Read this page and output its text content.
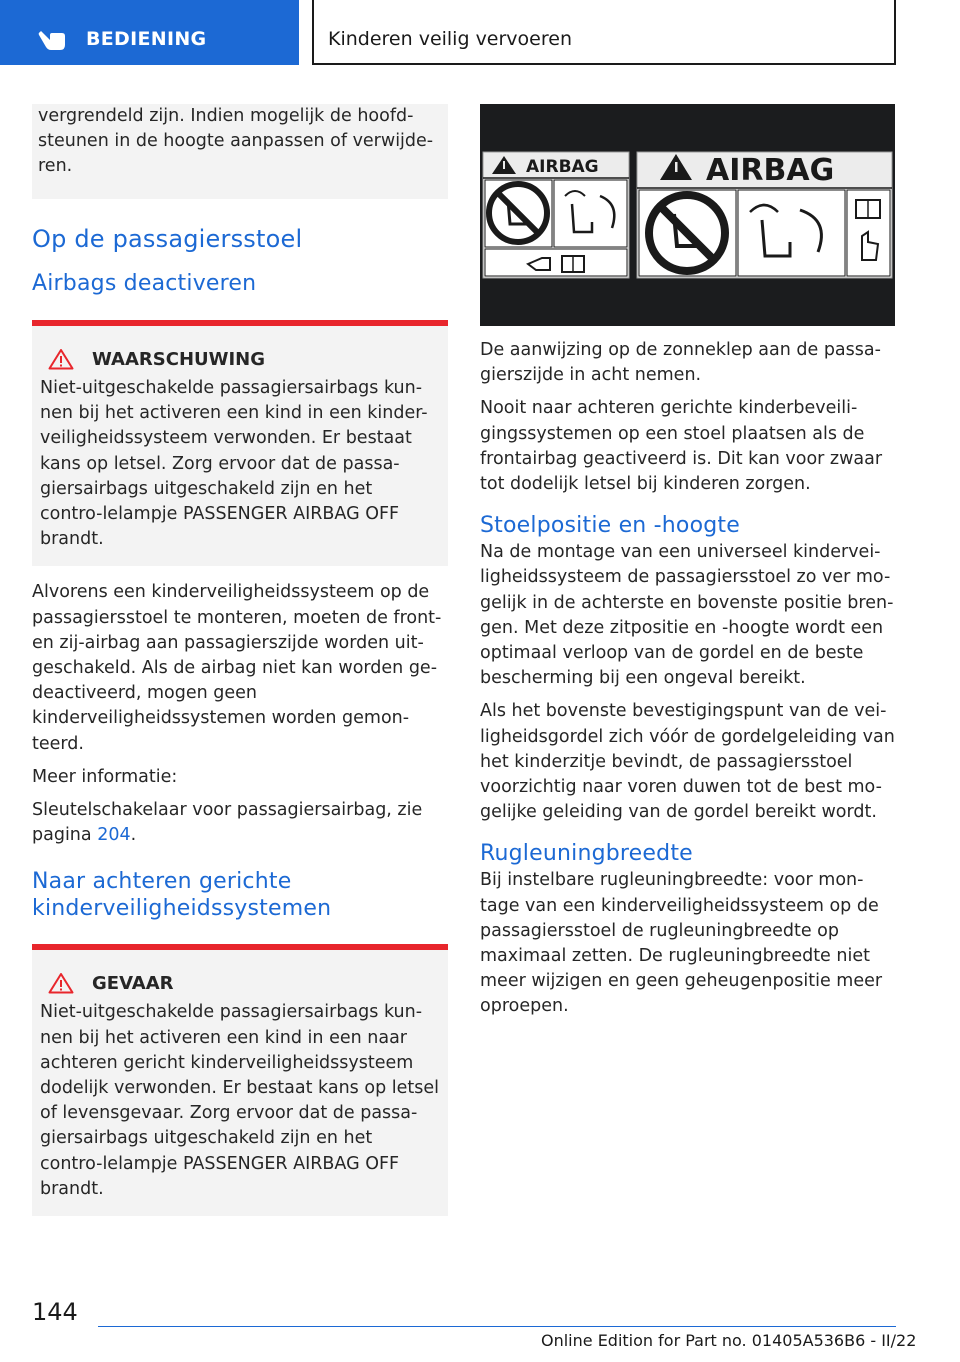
BEDIENING	Kinderen veilig vervoeren

vergrendeld zijn. Indien mogelijk de hoofd-steunen in de hoogte aanpassen of verwijde-ren.

Op de passagiersstoel
Airbags deactiveren
WAARSCHUWING

Niet-uitgeschakelde passagiersairbags kun-nen bij het activeren een kind in een kinder-veiligheidssysteem verwonden. Er bestaat kans op letsel. Zorg ervoor dat de passa-giersairbags uitgeschakeld zijn en het contro-lelampje PASSENGER AIRBAG OFF brandt.

Alvorens een kinderveiligheidssysteem op de passagiersstoel te monteren, moeten de front- en zij-airbag aan passagierszijde worden uit-geschakeld. Als de airbag niet kan worden ge-deactiveerd, mogen geen kinderveiligheidssystemen worden gemon-teerd.

Meer informatie:

Sleutelschakelaar voor passagiersairbag, zie pagina 204.

Naar achteren gerichte kinderveiligheidssystemen
GEVAAR

Niet-uitgeschakelde passagiersairbags kun-nen bij het activeren een kind in een naar achteren gericht kinderveiligheidssysteem dodelijk verwonden. Er bestaat kans op letsel of levensgevaar. Zorg ervoor dat de passa-giersairbags uitgeschakeld zijn en het contro-lelampje PASSENGER AIRBAG OFF brandt.

AIRBAG	AIRBAG

De aanwijzing op de zonneklep aan de passa-gierszijde in acht nemen.

Nooit naar achteren gerichte kinderbeveili-gingssystemen op een stoel plaatsen als de frontairbag geactiveerd is. Dit kan voor zwaar tot dodelijk letsel bij kinderen zorgen.

Stoelpositie en -hoogte

Na de montage van een universeel kindervei-ligheidssysteem de passagiersstoel zo ver mo-gelijk in de achterste en bovenste positie bren-gen. Met deze zitpositie en -hoogte wordt een optimaal verloop van de gordel en de beste bescherming bij een ongeval bereikt.

Als het bovenste bevestigingspunt van de vei-ligheidsgordel zich vóór de gordelgeleiding van het kinderzitje bevindt, de passagiersstoel voorzichtig naar voren duwen tot de best mo-gelijke geleiding van de gordel bereikt wordt.

Rugleuningbreedte

Bij instelbare rugleuningbreedte: voor mon-tage van een kinderveiligheidssysteem op de passagiersstoel de rugleuningbreedte op maximaal zetten. De rugleuningbreedte niet meer wijzigen en geen geheugenpositie meer oproepen.

144
Online Edition for Part no. 01405A536B6 - II/22
